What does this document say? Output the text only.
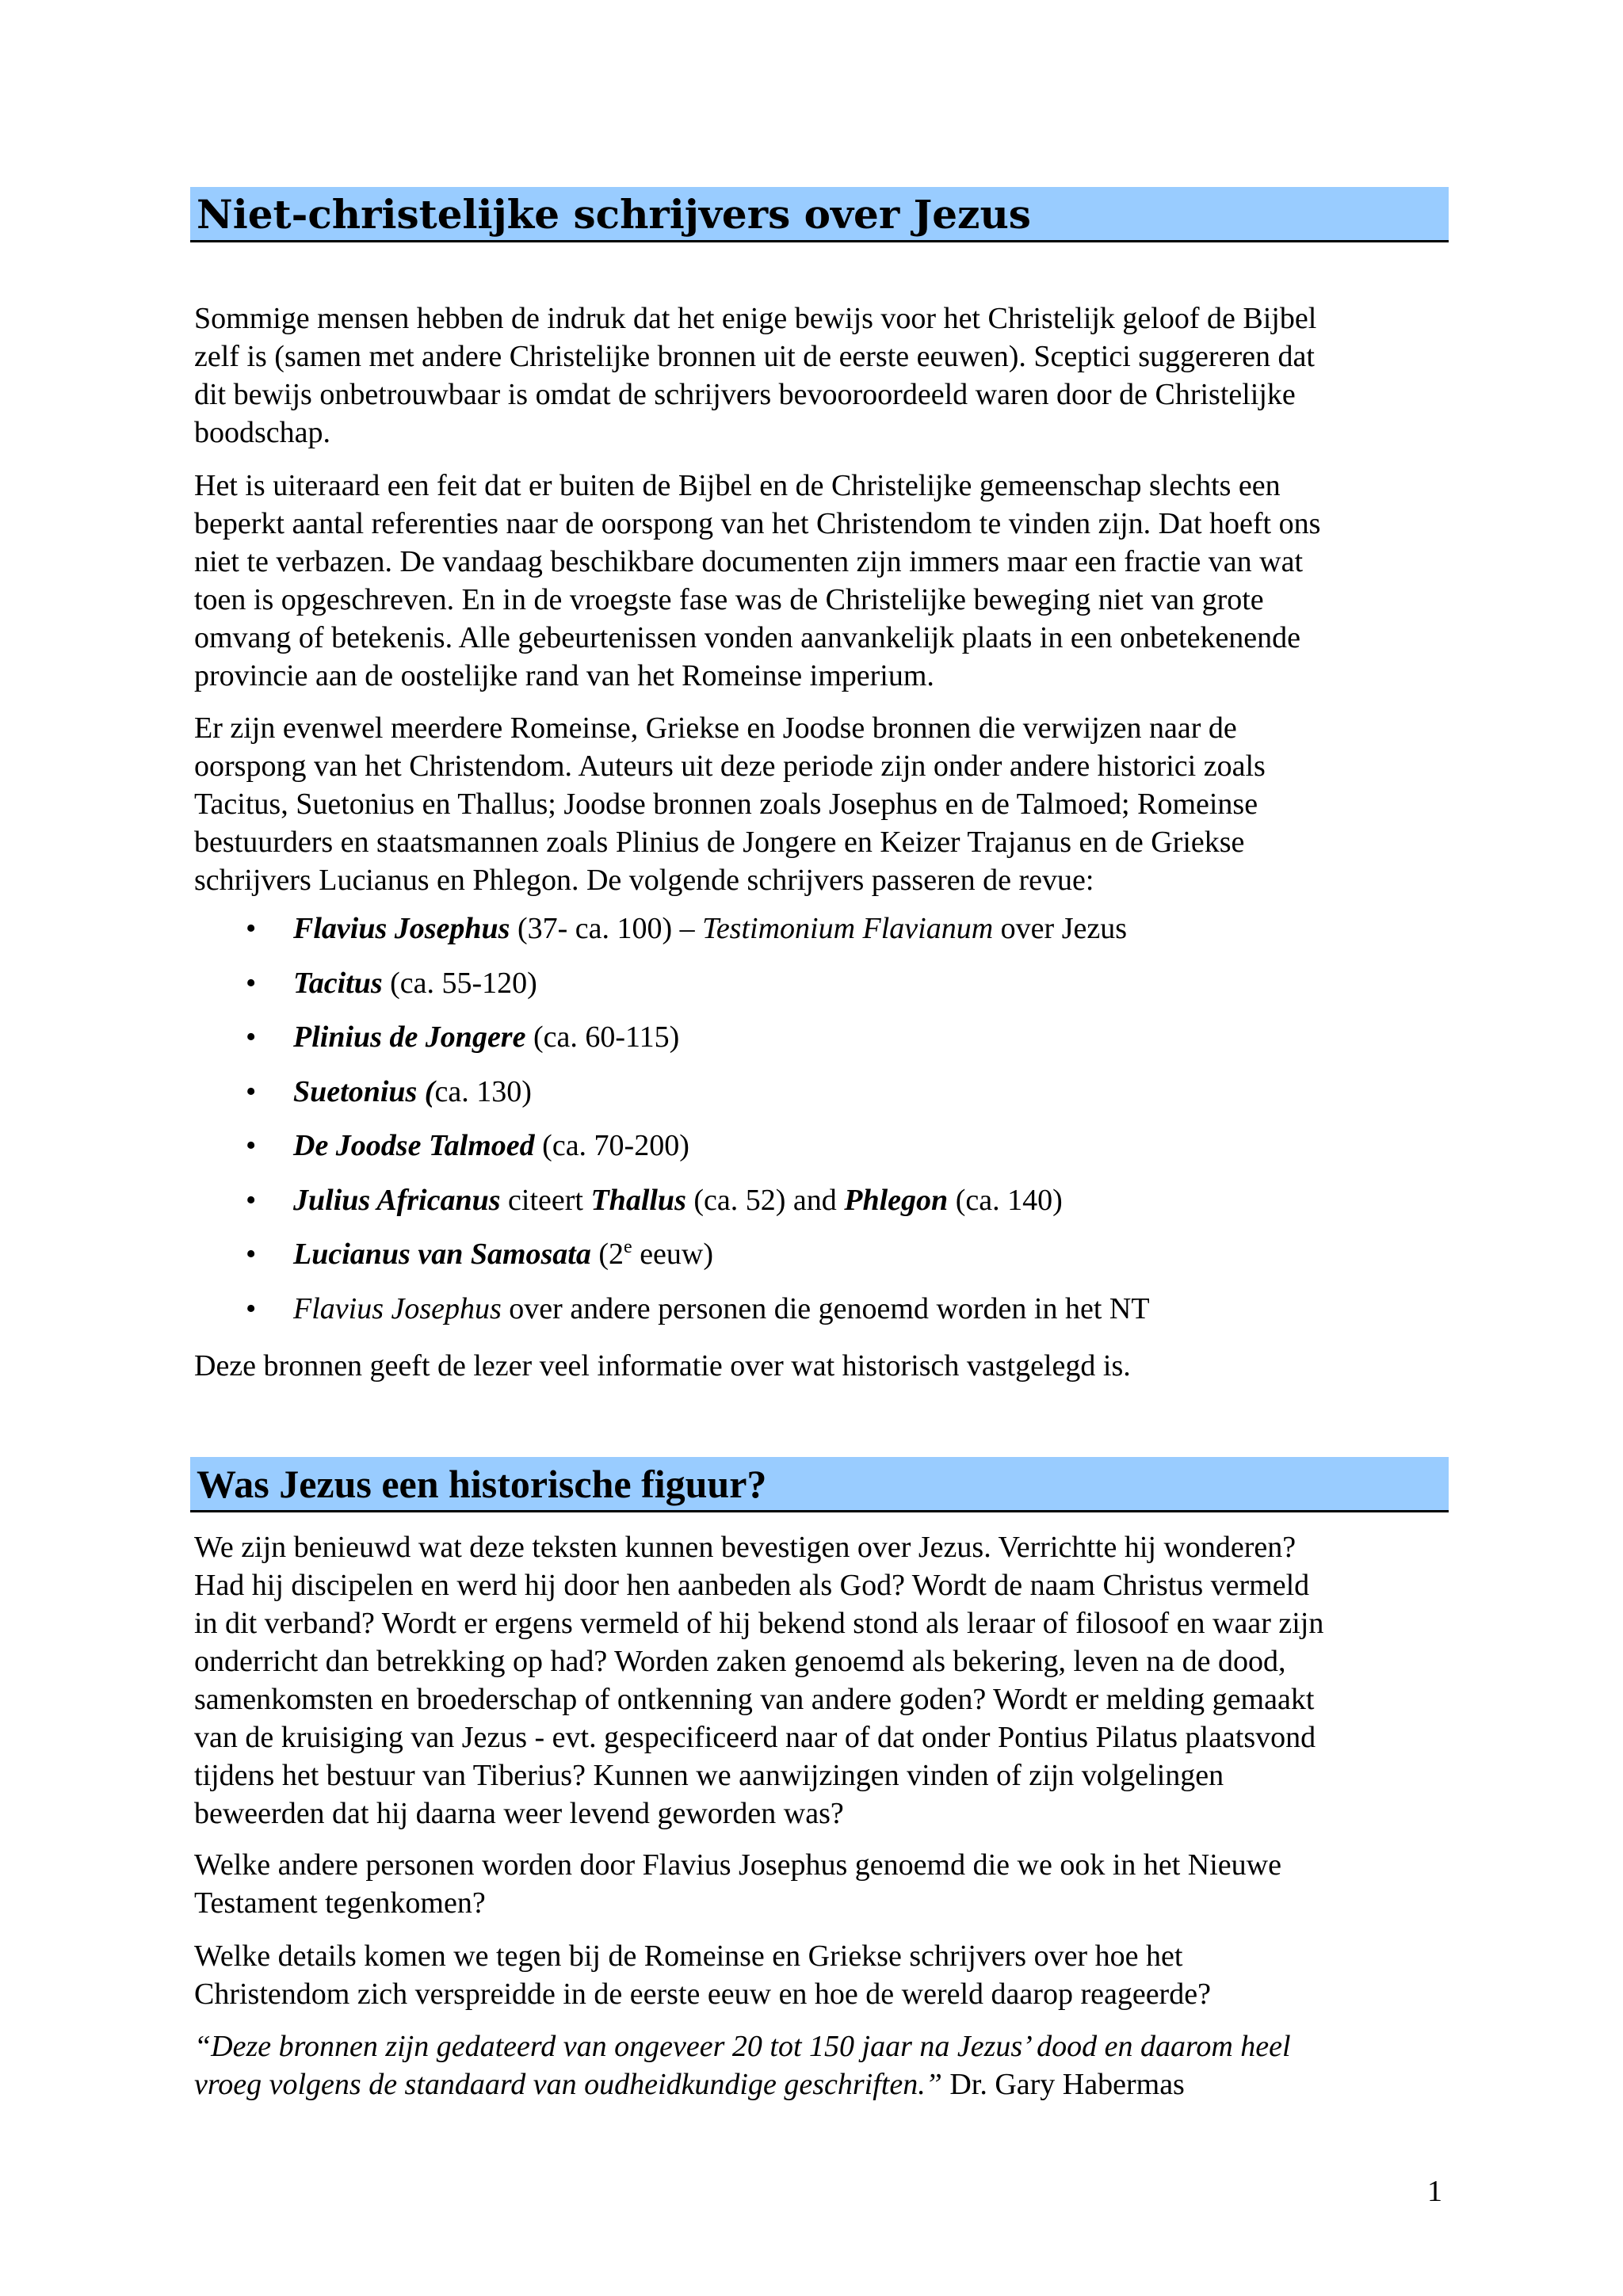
Niet-christelijke schrijvers over Jezus
Sommige mensen hebben de indruk dat het enige bewijs voor het Christelijk geloof de Bijbel
zelf is (samen met andere Christelijke bronnen uit de eerste eeuwen). Sceptici suggereren dat
dit bewijs onbetrouwbaar is omdat de schrijvers bevooroordeeld waren door de Christelijke
boodschap.
Het is uiteraard een feit dat er buiten de Bijbel en de Christelijke gemeenschap slechts een
beperkt aantal referenties naar de oorspong van het Christendom te vinden zijn. Dat hoeft ons
niet te verbazen. De vandaag beschikbare documenten zijn immers maar een fractie van wat
toen is opgeschreven. En in de vroegste fase was de Christelijke beweging niet van grote
omvang of betekenis. Alle gebeurtenissen vonden aanvankelijk plaats in een onbetekenende
provincie aan de oostelijke rand van het Romeinse imperium.
Er zijn evenwel meerdere Romeinse, Griekse en Joodse bronnen die verwijzen naar de
oorspong van het Christendom. Auteurs uit deze periode zijn onder andere historici zoals
Tacitus, Suetonius en Thallus; Joodse bronnen zoals Josephus en de Talmoed; Romeinse
bestuurders en staatsmannen zoals Plinius de Jongere en Keizer Trajanus en de Griekse
schrijvers Lucianus en Phlegon. De volgende schrijvers passeren de revue:
• Flavius Josephus (37- ca. 100) – Testimonium Flavianum over Jezus
• Tacitus (ca. 55-120)
• Plinius de Jongere (ca. 60-115)
• Suetonius (ca. 130)
• De Joodse Talmoed (ca. 70-200)
• Julius Africanus citeert Thallus (ca. 52) and Phlegon (ca. 140)
• Lucianus van Samosata (2e eeuw)
• Flavius Josephus over andere personen die genoemd worden in het NT
Deze bronnen geeft de lezer veel informatie over wat historisch vastgelegd is.
Was Jezus een historische figuur?
We zijn benieuwd wat deze teksten kunnen bevestigen over Jezus. Verrichtte hij wonderen?
Had hij discipelen en werd hij door hen aanbeden als God? Wordt de naam Christus vermeld
in dit verband? Wordt er ergens vermeld of hij bekend stond als leraar of filosoof en waar zijn
onderricht dan betrekking op had? Worden zaken genoemd als bekering, leven na de dood,
samenkomsten en broederschap of ontkenning van andere goden? Wordt er melding gemaakt
van de kruisiging van Jezus - evt. gespecificeerd naar of dat onder Pontius Pilatus plaatsvond
tijdens het bestuur van Tiberius? Kunnen we aanwijzingen vinden of zijn volgelingen
beweerden dat hij daarna weer levend geworden was?
Welke andere personen worden door Flavius Josephus genoemd die we ook in het Nieuwe
Testament tegenkomen?
Welke details komen we tegen bij de Romeinse en Griekse schrijvers over hoe het
Christendom zich verspreidde in de eerste eeuw en hoe de wereld daarop reageerde?
“Deze bronnen zijn gedateerd van ongeveer 20 tot 150 jaar na Jezus’ dood en daarom heel
vroeg volgens de standaard van oudheidkundige geschriften.” Dr. Gary Habermas
1
